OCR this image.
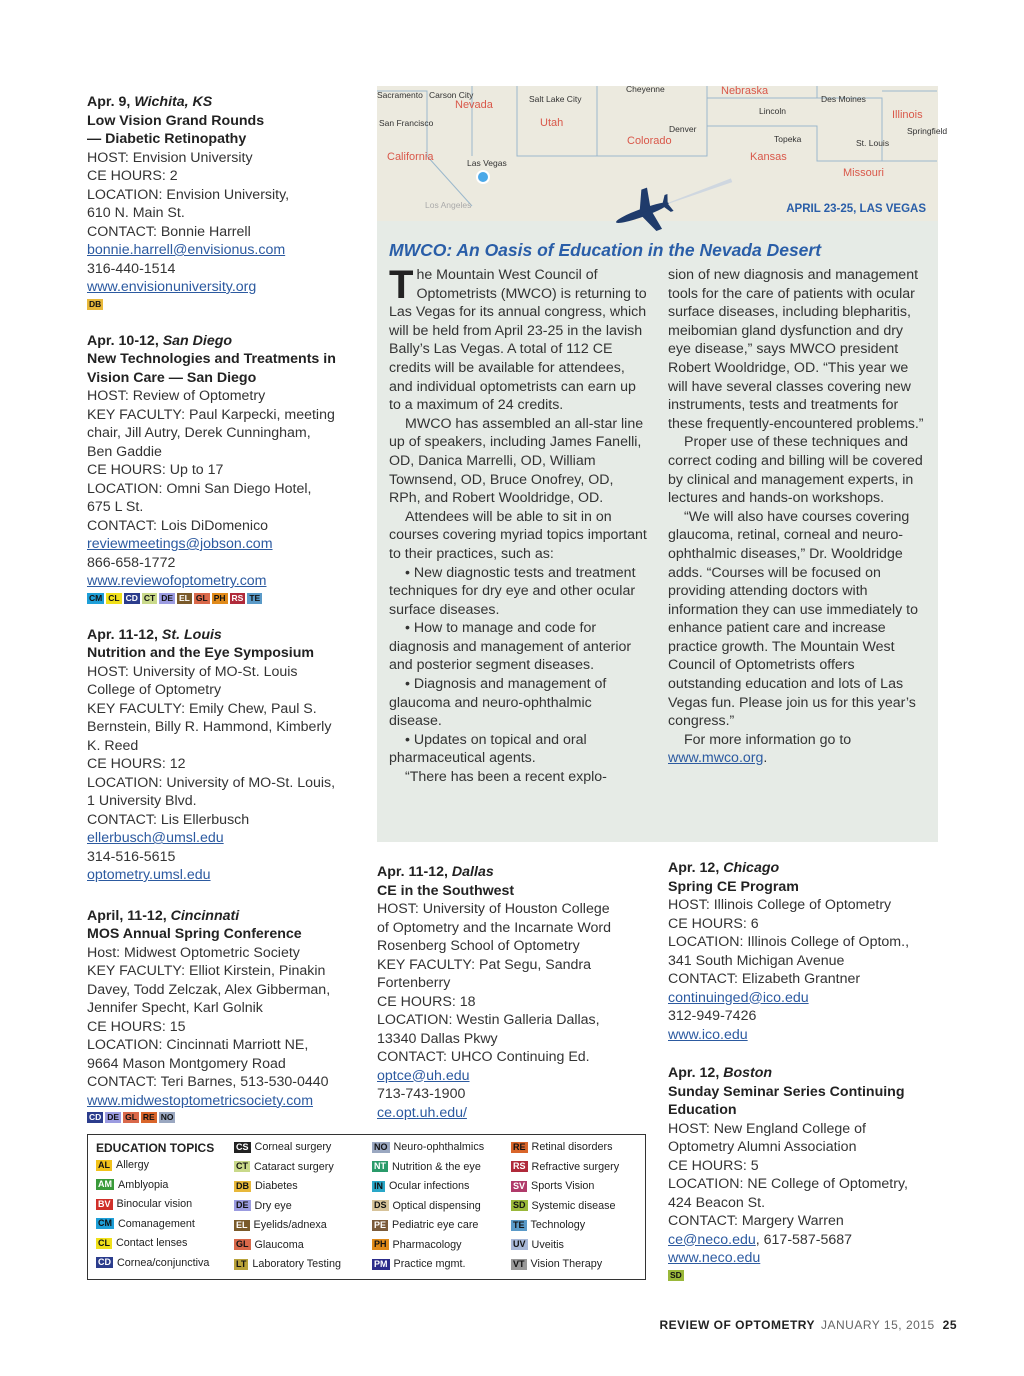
Apr. 9, Wichita, KS
Low Vision Grand Rounds
— Diabetic Retinopathy
HOST: Envision University
CE HOURS: 2
LOCATION: Envision University,
610 N. Main St.
CONTACT: Bonnie Harrell
bonnie.harrell@envisionus.com
316-440-1514
www.envisionuniversity.org
DB
Apr. 10-12, San Diego
New Technologies and Treatments in
Vision Care — San Diego
HOST: Review of Optometry
KEY FACULTY: Paul Karpecki, meeting
chair, Jill Autry, Derek Cunningham,
Ben Gaddie
CE HOURS: Up to 17
LOCATION: Omni San Diego Hotel,
675 L St.
CONTACT: Lois DiDomenico
reviewmeetings@jobson.com
866-658-1772
www.reviewofoptometry.com
CM CL CD CT DE EL GL PH RS TE
Apr. 11-12, St. Louis
Nutrition and the Eye Symposium
HOST: University of MO-St. Louis
College of Optometry
KEY FACULTY: Emily Chew, Paul S.
Bernstein, Billy R. Hammond, Kimberly
K. Reed
CE HOURS: 12
LOCATION: University of MO-St. Louis,
1 University Blvd.
CONTACT: Lis Ellerbusch
ellerbusch@umsl.edu
314-516-5615
optometry.umsl.edu
April, 11-12, Cincinnati
MOS Annual Spring Conference
Host: Midwest Optometric Society
KEY FACULTY: Elliot Kirstein, Pinakin
Davey, Todd Zelczak, Alex Gibberman,
Jennifer Specht, Karl Golnik
CE HOURS: 15
LOCATION: Cincinnati Marriott NE,
9664 Mason Montgomery Road
CONTACT: Teri Barnes, 513-530-0440
www.midwestoptometricsociety.com
CD DE GL RE NO
Sacramento Carson City	Salt Lake City
Cheyenne
Lincoln
Des Moines
Springfield
San Francisco
Denver
Topeka	St. Louis
Las Vegas
Los Angeles
Nevada
Nebraska
Illinois
Utah
Colorado
Kansas
California
Missouri
APRIL 23-25, LAS VEGAS
MWCO: An Oasis of Education in the Nevada Desert

The Mountain West Council of Optometrists (MWCO) is returning to Las Vegas for its annual congress, which will be held from April 23-25 in the lavish Bally’s Las Vegas. A total of 112 CE credits will be available for attendees, and individual optometrists can earn up to a maximum of 24 credits.

MWCO has assembled an all-star line up of speakers, including James Fanelli, OD, Danica Marrelli, OD, William Townsend, OD, Bruce Onofrey, OD, RPh, and Robert Wooldridge, OD.

Attendees will be able to sit in on courses covering myriad topics important to their practices, such as:

• New diagnostic tests and treatment techniques for dry eye and other ocular surface diseases.

• How to manage and code for diagnosis and management of anterior and posterior segment diseases.

• Diagnosis and management of glaucoma and neuro-ophthalmic disease.

• Updates on topical and oral pharmaceutical agents.

“There has been a recent explo-

sion of new diagnosis and management tools for the care of patients with ocular surface diseases, including blepharitis, meibomian gland dysfunction and dry eye disease,” says MWCO president Robert Wooldridge, OD. “This year we will have several classes covering new instruments, tests and treatments for these frequently-encountered problems.”

Proper use of these techniques and correct coding and billing will be covered by clinical and management experts, in lectures and hands-on workshops.

“We will also have courses covering glaucoma, retinal, corneal and neuro-ophthalmic diseases,” Dr. Wooldridge adds. “Courses will be focused on providing attending doctors with information they can use immediately to enhance patient care and increase practice growth. The Mountain West Council of Optometrists offers outstanding education and lots of Las Vegas fun. Please join us for this year’s congress.”

For more information go to www.mwco.org.

Apr. 11-12, Dallas
CE in the Southwest
HOST: University of Houston College
of Optometry and the Incarnate Word
Rosenberg School of Optometry
KEY FACULTY: Pat Segu, Sandra
Fortenberry
CE HOURS: 18
LOCATION: Westin Galleria Dallas,
13340 Dallas Pkwy
CONTACT: UHCO Continuing Ed.
optce@uh.edu
713-743-1900
ce.opt.uh.edu/
Apr. 12, Chicago
Spring CE Program
HOST: Illinois College of Optometry
CE HOURS: 6
LOCATION: Illinois College of Optom.,
341 South Michigan Avenue
CONTACT: Elizabeth Grantner
continuinged@ico.edu
312-949-7426
www.ico.edu
Apr. 12, Boston
Sunday Seminar Series Continuing
Education
HOST: New England College of
Optometry Alumni Association
CE HOURS: 5
LOCATION: NE College of Optometry,
424 Beacon St.
CONTACT: Margery Warren
ce@neco.edu, 617-587-5687
www.neco.edu
SD
EDUCATION TOPICS
AL Allergy
AM Amblyopia
BV Binocular vision
CM Comanagement
CL Contact lenses
CD Cornea/conjunctiva
CS Corneal surgery
CT Cataract surgery
DB Diabetes
DE Dry eye
EL Eyelids/adnexa
GL Glaucoma
LT Laboratory Testing
NO Neuro-ophthalmics
NT Nutrition & the eye
IN Ocular infections
DS Optical dispensing
PE Pediatric eye care
PH Pharmacology
PM Practice mgmt.
RE Retinal disorders
RS Refractive surgery
SV Sports Vision
SD Systemic disease
TE Technology
UV Uveitis
VT Vision Therapy
REVIEW OF OPTOMETRY JANUARY 15, 2015 25
